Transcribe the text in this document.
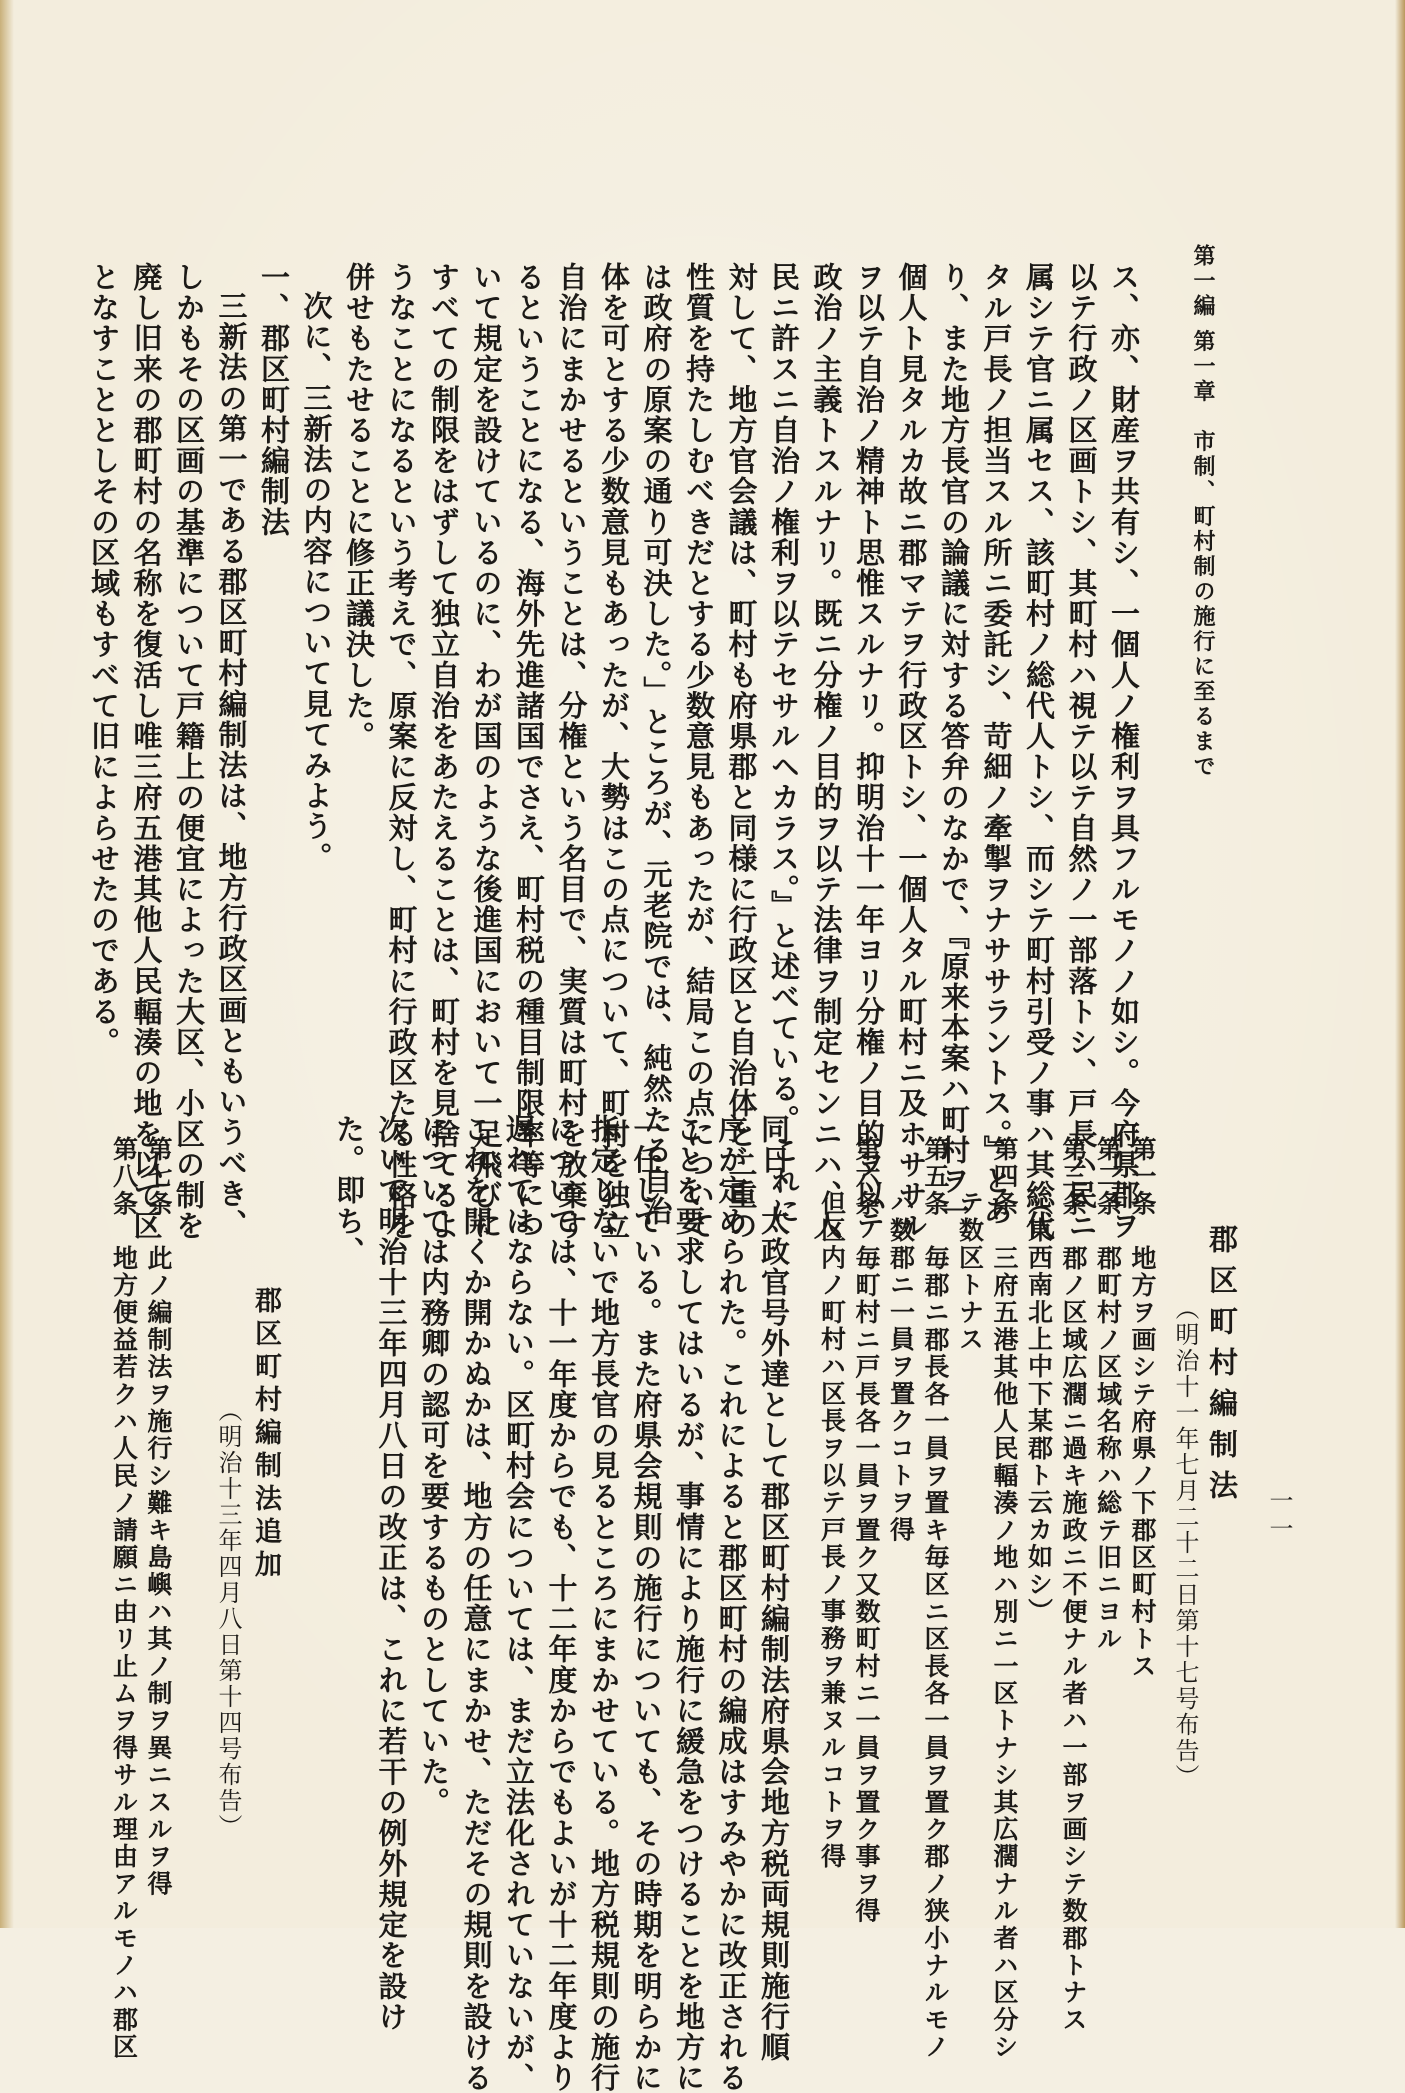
第一編 第一章　市制、町村制の施行に至るまで
一一
ス、亦、財産ヲ共有シ、一個人ノ権利ヲ具フルモノノ如シ。今府県郡ヲ
以テ行政ノ区画トシ、其町村ハ視テ以テ自然ノ一部落トシ、戸長ハ民ニ
属シテ官ニ属セス、該町村ノ総代人トシ、而シテ町村引受ノ事ハ其総代
タル戸長ノ担当スル所ニ委託シ、苛細ノ牽掣ヲナササラントス。』とあ
り、また地方長官の論議に対する答弁のなかで、『原来本案ハ町村ヲ一
個人ト見タルカ故ニ郡マテヲ行政区トシ、一個人タル町村ニ及ホササル
ヲ以テ自治ノ精神ト思惟スルナリ。抑明治十一年ヨリ分権ノ目的ヲ以テ
政治ノ主義トスルナリ。既ニ分権ノ目的ヲ以テ法律ヲ制定センニハ、人
民ニ許スニ自治ノ権利ヲ以テセサルヘカラス。』と述べている。これに
対して、地方官会議は、町村も府県郡と同様に行政区と自治体と二重の
性質を持たしむべきだとする少数意見もあったが、結局この点について
は政府の原案の通り可決した。」ところが、元老院では、純然たる自治
体を可とする少数意見もあったが、大勢はこの点について、町村を独立
自治にまかせるということは、分権という名目で、実質は町村を放棄す
るということになる、海外先進諸国でさえ、町村税の種目制限率等につ
いて規定を設けているのに、わが国のような後進国において一足飛びに
すべての制限をはずして独立自治をあたえることは、町村を見捨てるよ
うなことになるという考えで、原案に反対し、町村に行政区たる性格を
併せもたせることに修正議決した。
次に、三新法の内容について見てみよう。
一、郡区町村編制法
三新法の第一である郡区町村編制法は、地方行政区画ともいうべき、
しかもその区画の基準について戸籍上の便宜によった大区、小区の制を
廃し旧来の郡町村の名称を復活し唯三府五港其他人民輻湊の地を以て区
となすこととしその区域もすべて旧によらせたのである。
郡区町村編制法
（明治十一年七月二十二日第十七号布告）
第一条　地方ヲ画シテ府県ノ下郡区町村トス
第二条　郡町村ノ区域名称ハ総テ旧ニヨル
第三条　郡ノ区域広濶ニ過キ施政ニ不便ナル者ハ一部ヲ画シテ数郡トナス
（東西南北上中下某郡ト云カ如シ）
第四条　三府五港其他人民輻湊ノ地ハ別ニ一区トナシ其広濶ナル者ハ区分シ
テ数区トナス
第五条　毎郡ニ郡長各一員ヲ置キ毎区ニ区長各一員ヲ置ク郡ノ狭小ナルモノ
ハ数郡ニ一員ヲ置クコトヲ得
第六条　毎町村ニ戸長各一員ヲ置ク又数町村ニ一員ヲ置ク事ヲ得
但区内ノ町村ハ区長ヲ以テ戸長ノ事務ヲ兼ヌルコトヲ得
同日、太政官号外達として郡区町村編制法府県会地方税両規則施行順
序が定められた。これによると郡区町村の編成はすみやかに改正される
ことを要求してはいるが、事情により施行に緩急をつけることを地方に
一任している。また府県会規則の施行についても、その時期を明らかに
指定しないで地方長官の見るところにまかせている。地方税規則の施行
については、十一年度からでも、十二年度からでもよいが十二年度より
遅れてはならない。区町村会については、まだ立法化されていないが、
これを開くか開かぬかは、地方の任意にまかせ、ただその規則を設ける
については内務卿の認可を要するものとしていた。
次いで明治十三年四月八日の改正は、これに若干の例外規定を設け
た。即ち、
郡区町村編制法追加
（明治十三年四月八日第十四号布告）
第七条　此ノ編制法ヲ施行シ難キ島嶼ハ其ノ制ヲ異ニスルヲ得
第八条　地方便益若クハ人民ノ請願ニ由リ止ムヲ得サル理由アルモノハ郡区
